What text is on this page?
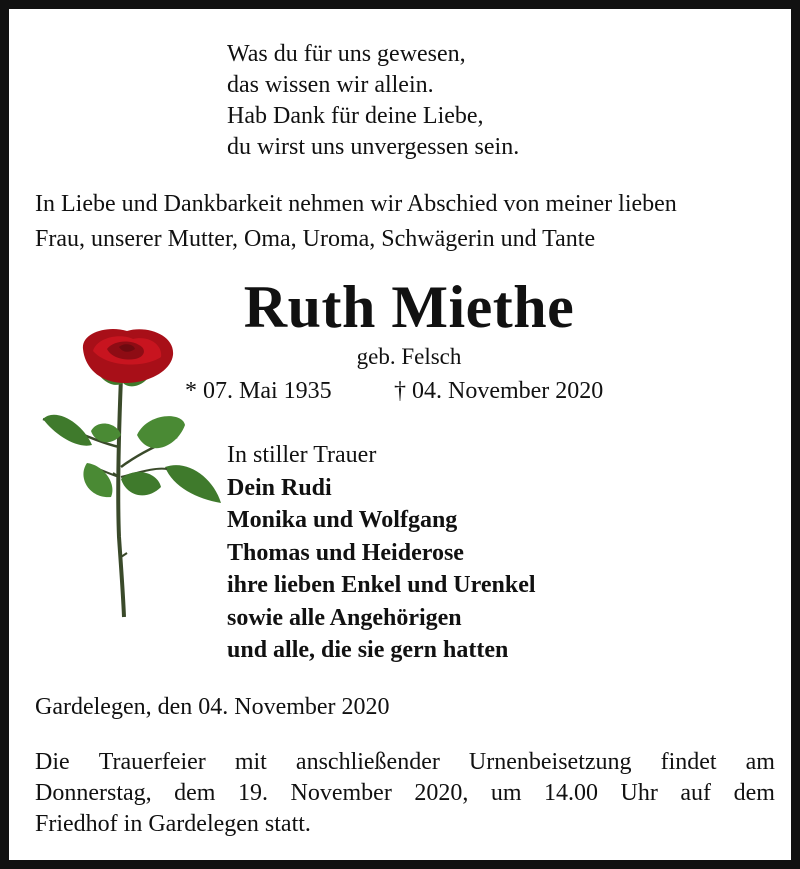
Was du für uns gewesen,
das wissen wir allein.
Hab Dank für deine Liebe,
du wirst uns unvergessen sein.
In Liebe und Dankbarkeit nehmen wir Abschied von meiner lieben
Frau, unserer Mutter, Oma, Uroma, Schwägerin und Tante
Ruth Miethe
geb. Felsch
* 07. Mai 1935	† 04. November 2020
In stiller Trauer
Dein Rudi
Monika und Wolfgang
Thomas und Heiderose
ihre lieben Enkel und Urenkel
sowie alle Angehörigen
und alle, die sie gern hatten
Gardelegen, den 04. November 2020
Die Trauerfeier mit anschließender Urnenbeisetzung findet am
Donnerstag, dem 19. November 2020, um 14.00 Uhr auf dem
Friedhof in Gardelegen statt.
